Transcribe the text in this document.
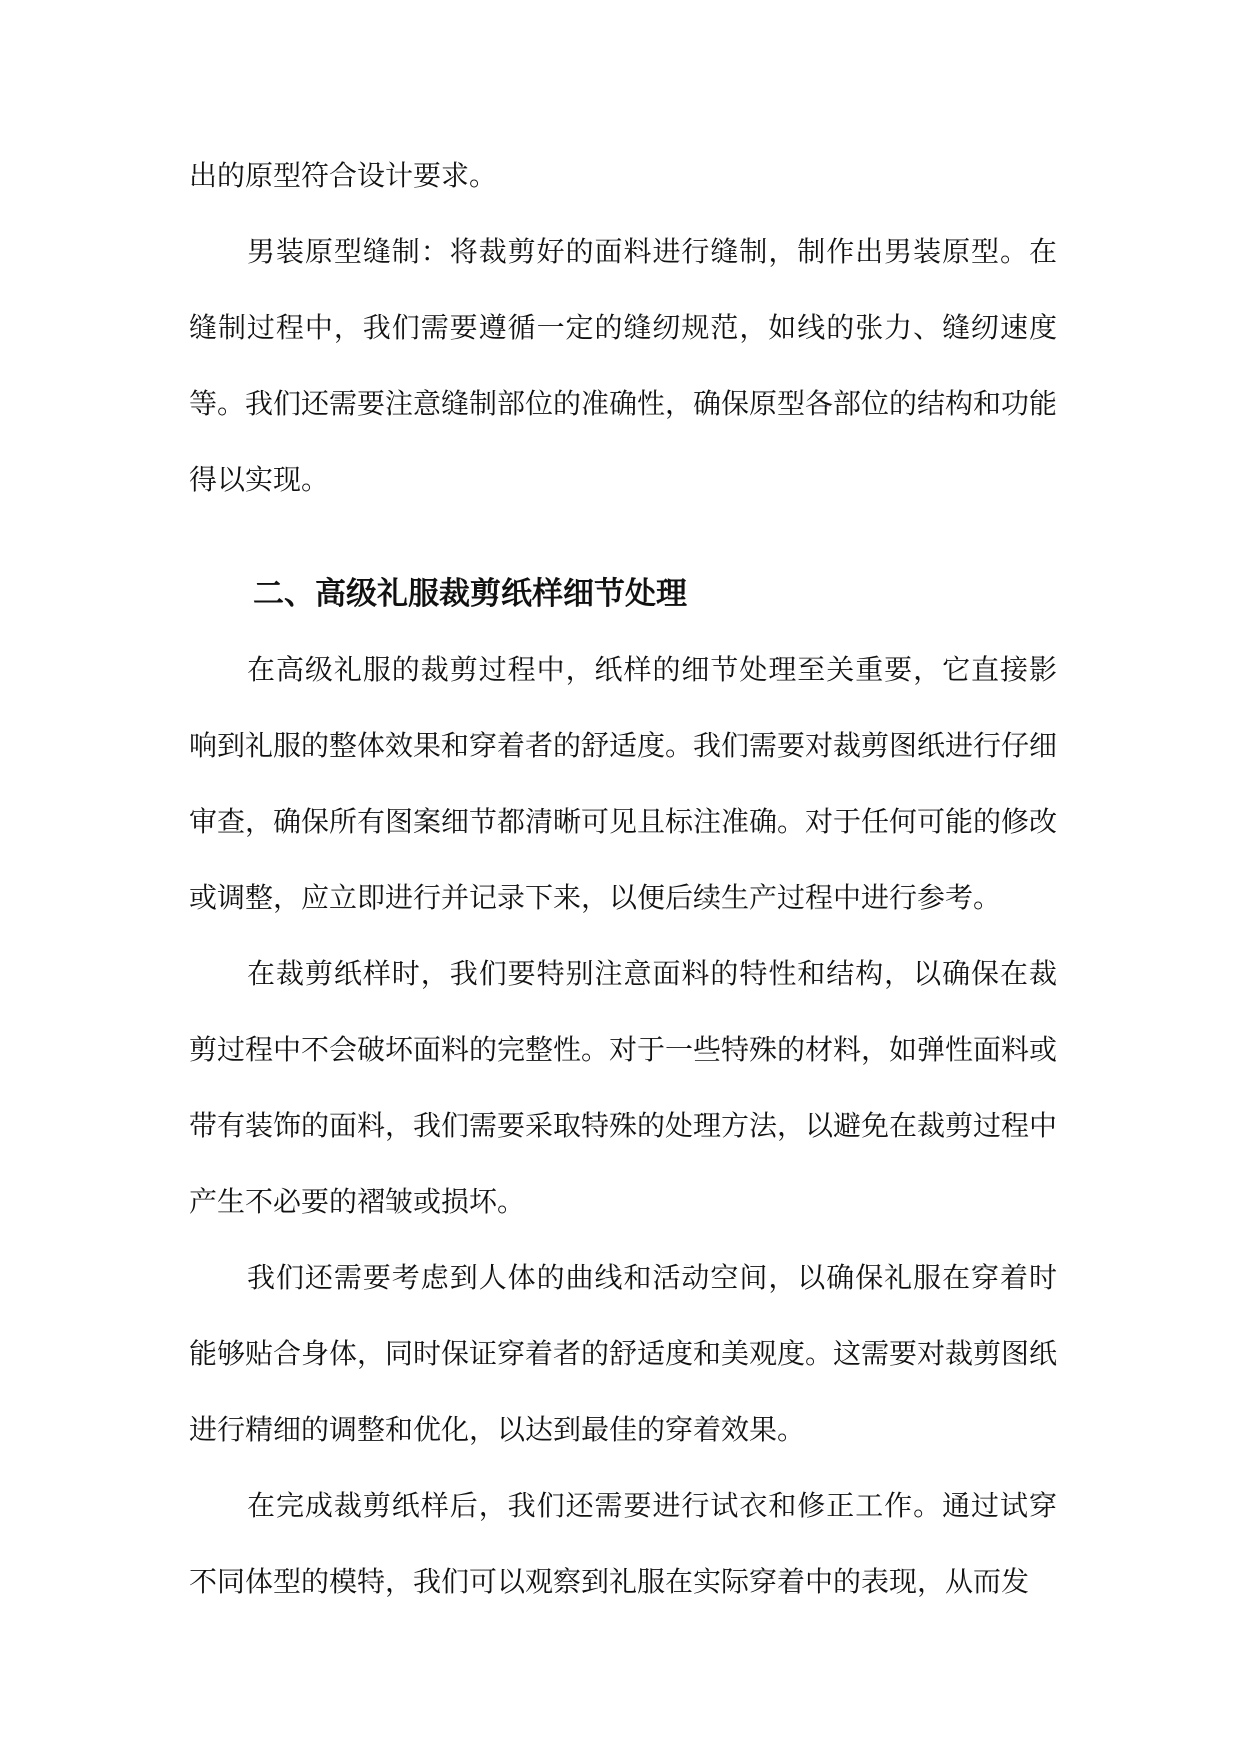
出的原型符合设计要求。

男装原型缝制：将裁剪好的面料进行缝制，制作出男装原型。在缝制过程中，我们需要遵循一定的缝纫规范，如线的张力、缝纫速度等。我们还需要注意缝制部位的准确性，确保原型各部位的结构和功能得以实现。

二、高级礼服裁剪纸样细节处理

在高级礼服的裁剪过程中，纸样的细节处理至关重要，它直接影响到礼服的整体效果和穿着者的舒适度。我们需要对裁剪图纸进行仔细审查，确保所有图案细节都清晰可见且标注准确。对于任何可能的修改或调整，应立即进行并记录下来，以便后续生产过程中进行参考。

在裁剪纸样时，我们要特别注意面料的特性和结构，以确保在裁剪过程中不会破坏面料的完整性。对于一些特殊的材料，如弹性面料或带有装饰的面料，我们需要采取特殊的处理方法，以避免在裁剪过程中产生不必要的褶皱或损坏。

我们还需要考虑到人体的曲线和活动空间，以确保礼服在穿着时能够贴合身体，同时保证穿着者的舒适度和美观度。这需要对裁剪图纸进行精细的调整和优化，以达到最佳的穿着效果。

在完成裁剪纸样后，我们还需要进行试衣和修正工作。通过试穿不同体型的模特，我们可以观察到礼服在实际穿着中的表现，从而发
